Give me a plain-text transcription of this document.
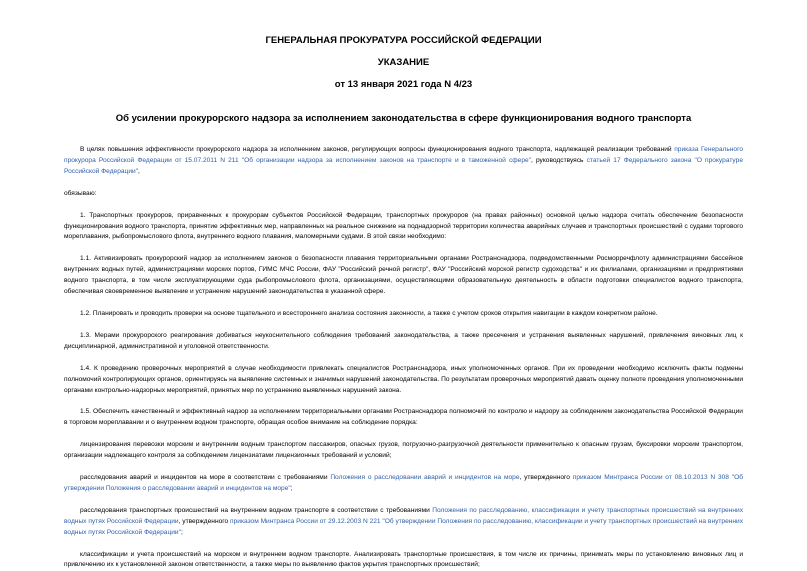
ГЕНЕРАЛЬНАЯ ПРОКУРАТУРА РОССИЙСКОЙ ФЕДЕРАЦИИ
УКАЗАНИЕ
от 13 января 2021 года N 4/23
Об усилении прокурорского надзора за исполнением законодательства в сфере функционирования водного транспорта

В целях повышения эффективности прокурорского надзора за исполнением законов, регулирующих вопросы функционирования водного транспорта, надлежащей реализации требований приказа Генерального прокурора Российской Федерации от 15.07.2011 N 211 "Об организации надзора за исполнением законов на транспорте и в таможенной сфере", руководствуясь статьей 17 Федерального закона "О прокуратуре Российской Федерации",

обязываю:

1. Транспортных прокуроров, приравненных к прокурорам субъектов Российской Федерации, транспортных прокуроров (на правах районных) основной целью надзора считать обеспечение безопасности функционирования водного транспорта, принятие эффективных мер, направленных на реальное снижение на поднадзорной территории количества аварийных случаев и транспортных происшествий с судами торгового мореплавания, рыбопромыслового флота, внутреннего водного плавания, маломерными судами. В этой связи необходимо:

1.1. Активизировать прокурорский надзор за исполнением законов о безопасности плавания территориальными органами Ространснадзора, подведомственными Росморречфлоту администрациями бассейнов внутренних водных путей, администрациями морских портов, ГИМС МЧС России, ФАУ "Российский речной регистр", ФАУ "Российский морской регистр судоходства" и их филиалами, организациями и предприятиями водного транспорта, в том числе эксплуатирующими суда рыбопромыслового флота, организациями, осуществляющими образовательную деятельность в области подготовки специалистов водного транспорта, обеспечивая своевременное выявление и устранение нарушений законодательства в указанной сфере.

1.2. Планировать и проводить проверки на основе тщательного и всестороннего анализа состояния законности, а также с учетом сроков открытия навигации в каждом конкретном районе.

1.3. Мерами прокурорского реагирования добиваться неукоснительного соблюдения требований законодательства, а также пресечения и устранения выявленных нарушений, привлечения виновных лиц к дисциплинарной, административной и уголовной ответственности.

1.4. К проведению проверочных мероприятий в случае необходимости привлекать специалистов Ространснадзора, иных уполномоченных органов. При их проведении необходимо исключить факты подмены полномочий контролирующих органов, ориентируясь на выявление системных и значимых нарушений законодательства. По результатам проверочных мероприятий давать оценку полноте проведения уполномоченными органами контрольно-надзорных мероприятий, принятых мер по устранению выявленных нарушений закона.

1.5. Обеспечить качественный и эффективный надзор за исполнением территориальными органами Ространснадзора полномочий по контролю и надзору за соблюдением законодательства Российской Федерации в торговом мореплавании и о внутреннем водном транспорте, обращая особое внимание на соблюдение порядка:

лицензирования перевозки морским и внутренним водным транспортом пассажиров, опасных грузов, погрузочно-разгрузочной деятельности применительно к опасным грузам, буксировки морским транспортом, организации надлежащего контроля за соблюдением лицензиатами лицензионных требований и условий;

расследования аварий и инцидентов на море в соответствии с требованиями Положения о расследовании аварий и инцидентов на море, утвержденного приказом Минтранса России от 08.10.2013 N 308 "Об утверждении Положения о расследовании аварий и инцидентов на море";

расследования транспортных происшествий на внутреннем водном транспорте в соответствии с требованиями Положения по расследованию, классификации и учету транспортных происшествий на внутренних водных путях Российской Федерации, утвержденного приказом Минтранса России от 29.12.2003 N 221 "Об утверждении Положения по расследованию, классификации и учету транспортных происшествий на внутренних водных путях Российской Федерации";

классификации и учета происшествий на морском и внутреннем водном транспорте. Анализировать транспортные происшествия, в том числе их причины, принимать меры по установлению виновных лиц и привлечению их к установленной законом ответственности, а также меры по выявлению фактов укрытия транспортных происшествий;
